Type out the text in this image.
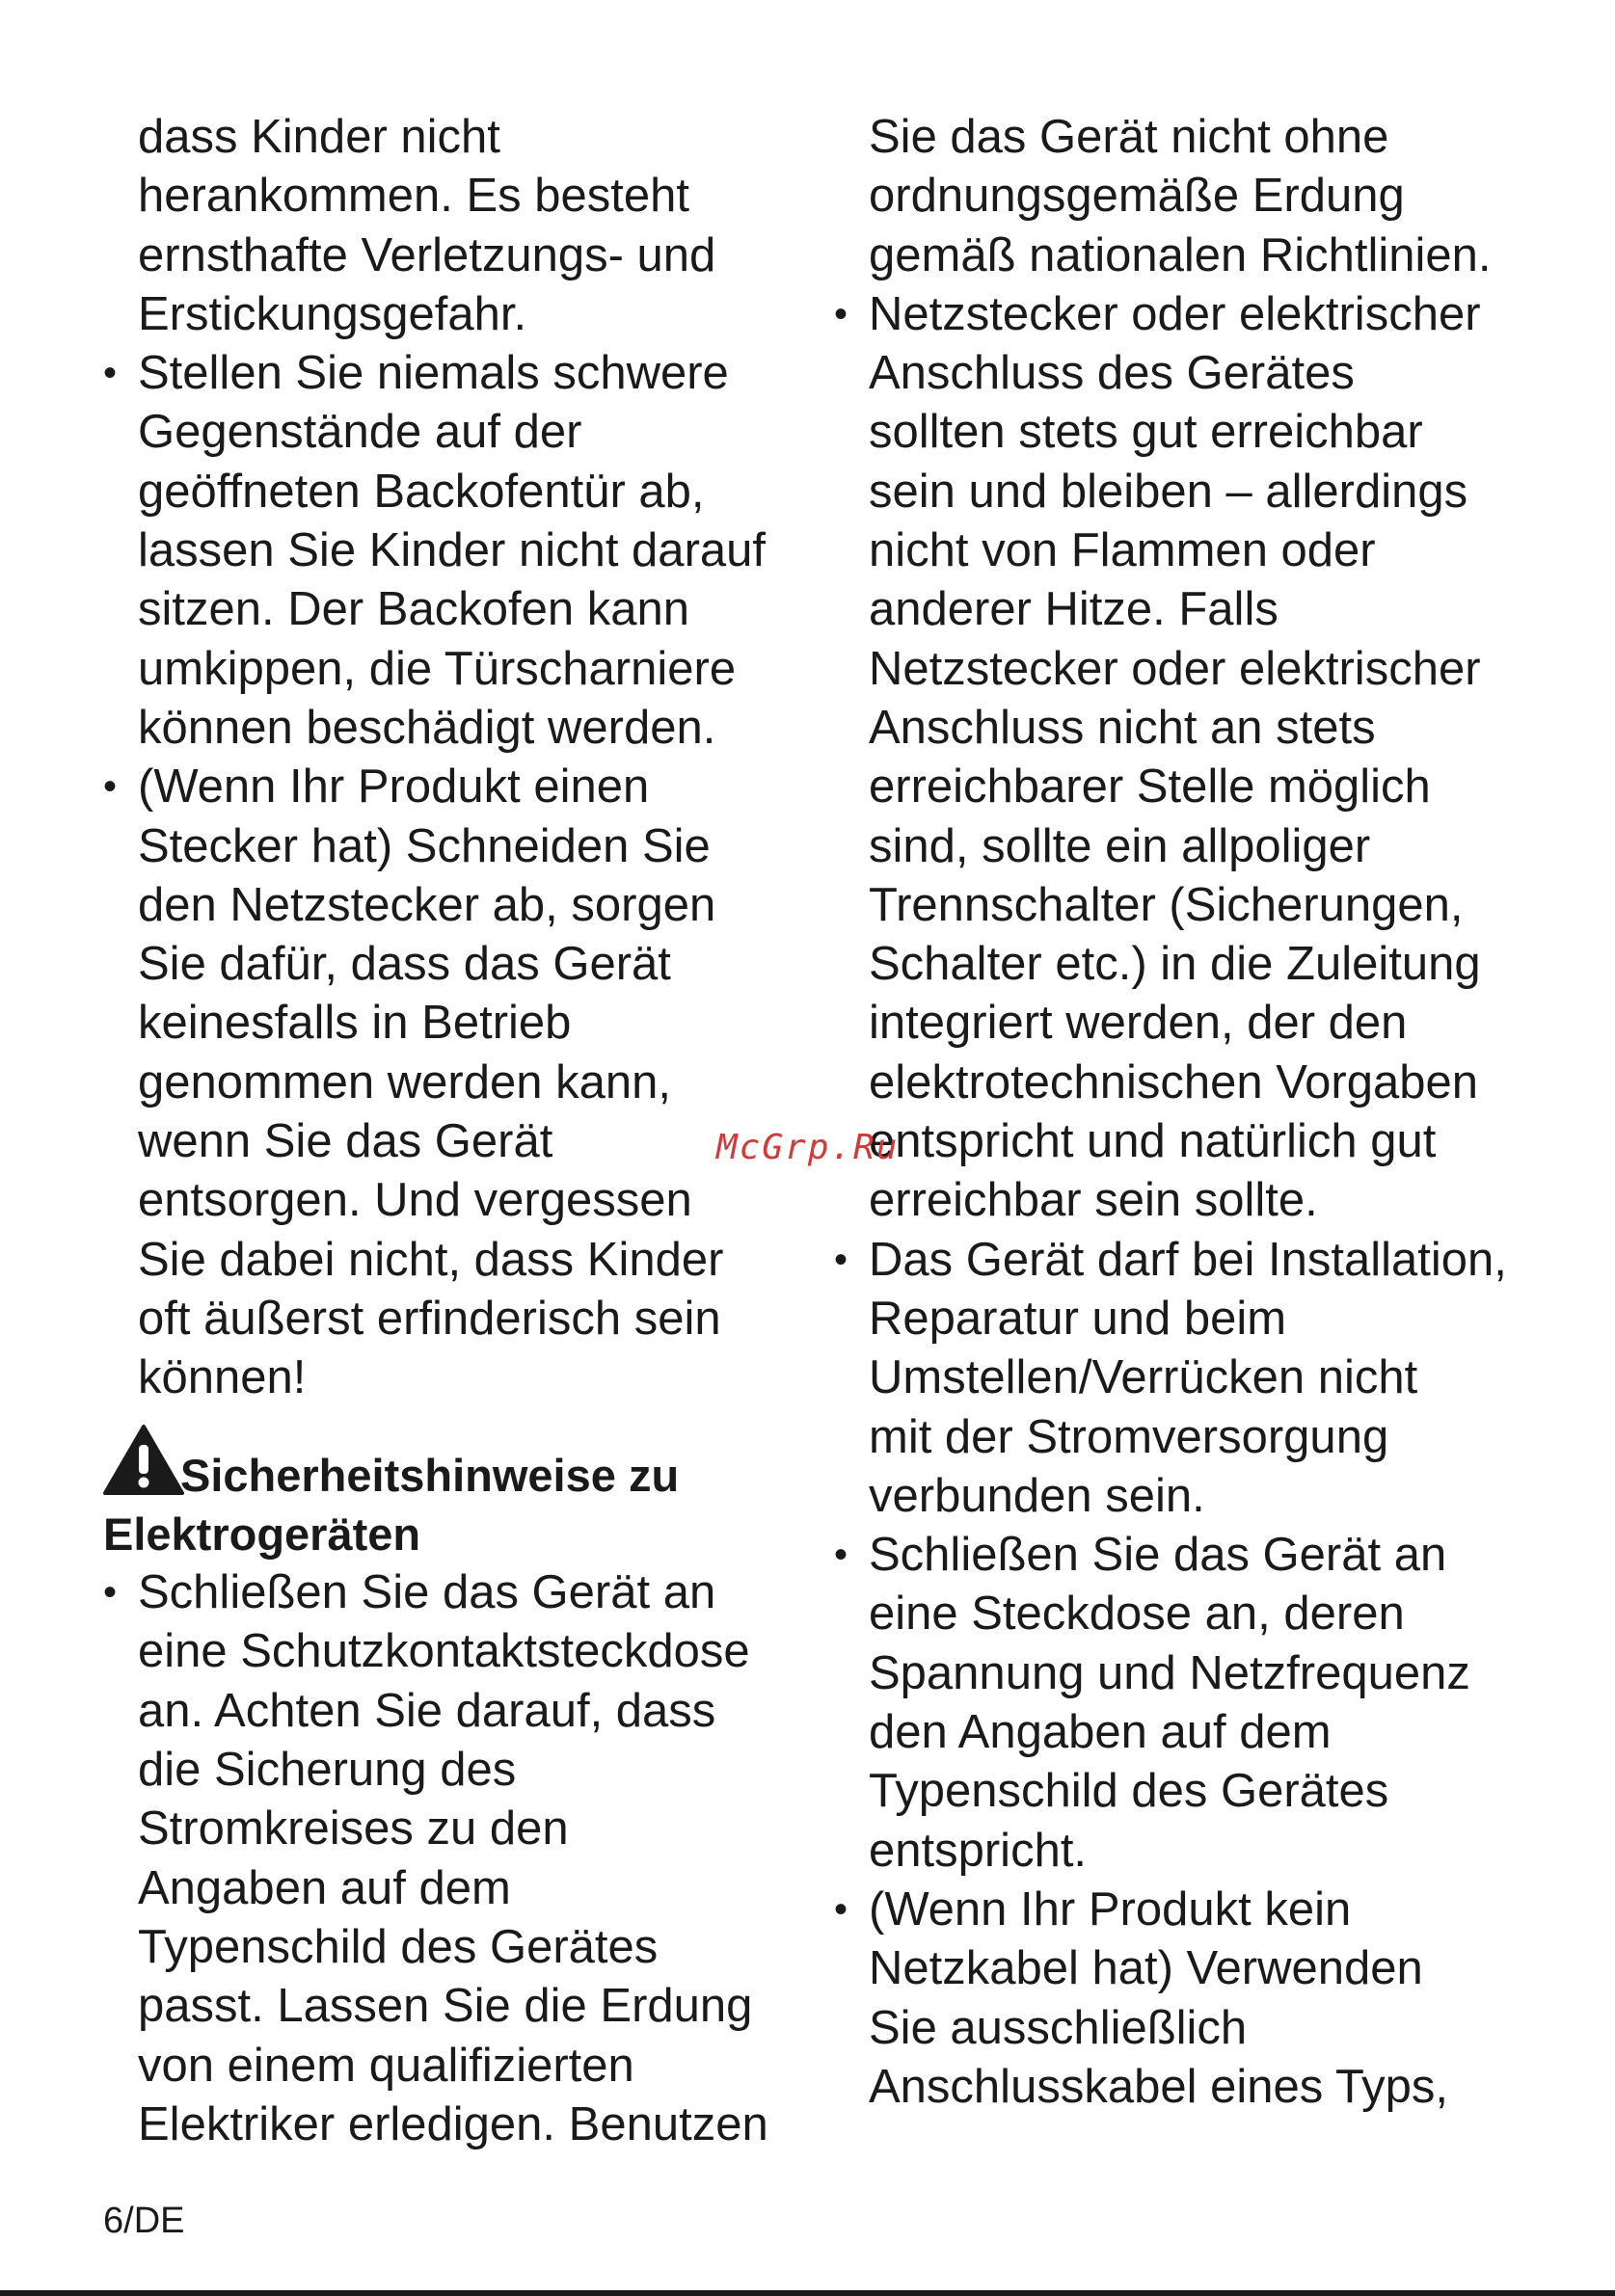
dass Kinder nicht
herankommen. Es besteht
ernsthafte Verletzungs- und
Erstickungsgefahr.

• Stellen Sie niemals schwere
Gegenstände auf der
geöffneten Backofentür ab,
lassen Sie Kinder nicht darauf
sitzen. Der Backofen kann
umkippen, die Türscharniere
können beschädigt werden.

• (Wenn Ihr Produkt einen
Stecker hat) Schneiden Sie
den Netzstecker ab, sorgen
Sie dafür, dass das Gerät
keinesfalls in Betrieb
genommen werden kann,
wenn Sie das Gerät
entsorgen. Und vergessen
Sie dabei nicht, dass Kinder
oft äußerst erfinderisch sein
können!

Sicherheitshinweise zu
Elektrogeräten

• Schließen Sie das Gerät an
eine Schutzkontaktsteckdose
an. Achten Sie darauf, dass
die Sicherung des
Stromkreises zu den
Angaben auf dem
Typenschild des Gerätes
passt. Lassen Sie die Erdung
von einem qualifizierten
Elektriker erledigen. Benutzen

Sie das Gerät nicht ohne
ordnungsgemäße Erdung
gemäß nationalen Richtlinien.

• Netzstecker oder elektrischer
Anschluss des Gerätes
sollten stets gut erreichbar
sein und bleiben – allerdings
nicht von Flammen oder
anderer Hitze. Falls
Netzstecker oder elektrischer
Anschluss nicht an stets
erreichbarer Stelle möglich
sind, sollte ein allpoliger
Trennschalter (Sicherungen,
Schalter etc.) in die Zuleitung
integriert werden, der den
elektrotechnischen Vorgaben
entspricht und natürlich gut
erreichbar sein sollte.

• Das Gerät darf bei Installation,
Reparatur und beim
Umstellen/Verrücken nicht
mit der Stromversorgung
verbunden sein.

• Schließen Sie das Gerät an
eine Steckdose an, deren
Spannung und Netzfrequenz
den Angaben auf dem
Typenschild des Gerätes
entspricht.

• (Wenn Ihr Produkt kein
Netzkabel hat) Verwenden
Sie ausschließlich
Anschlusskabel eines Typs,

McGrp.Ru
6/DE
